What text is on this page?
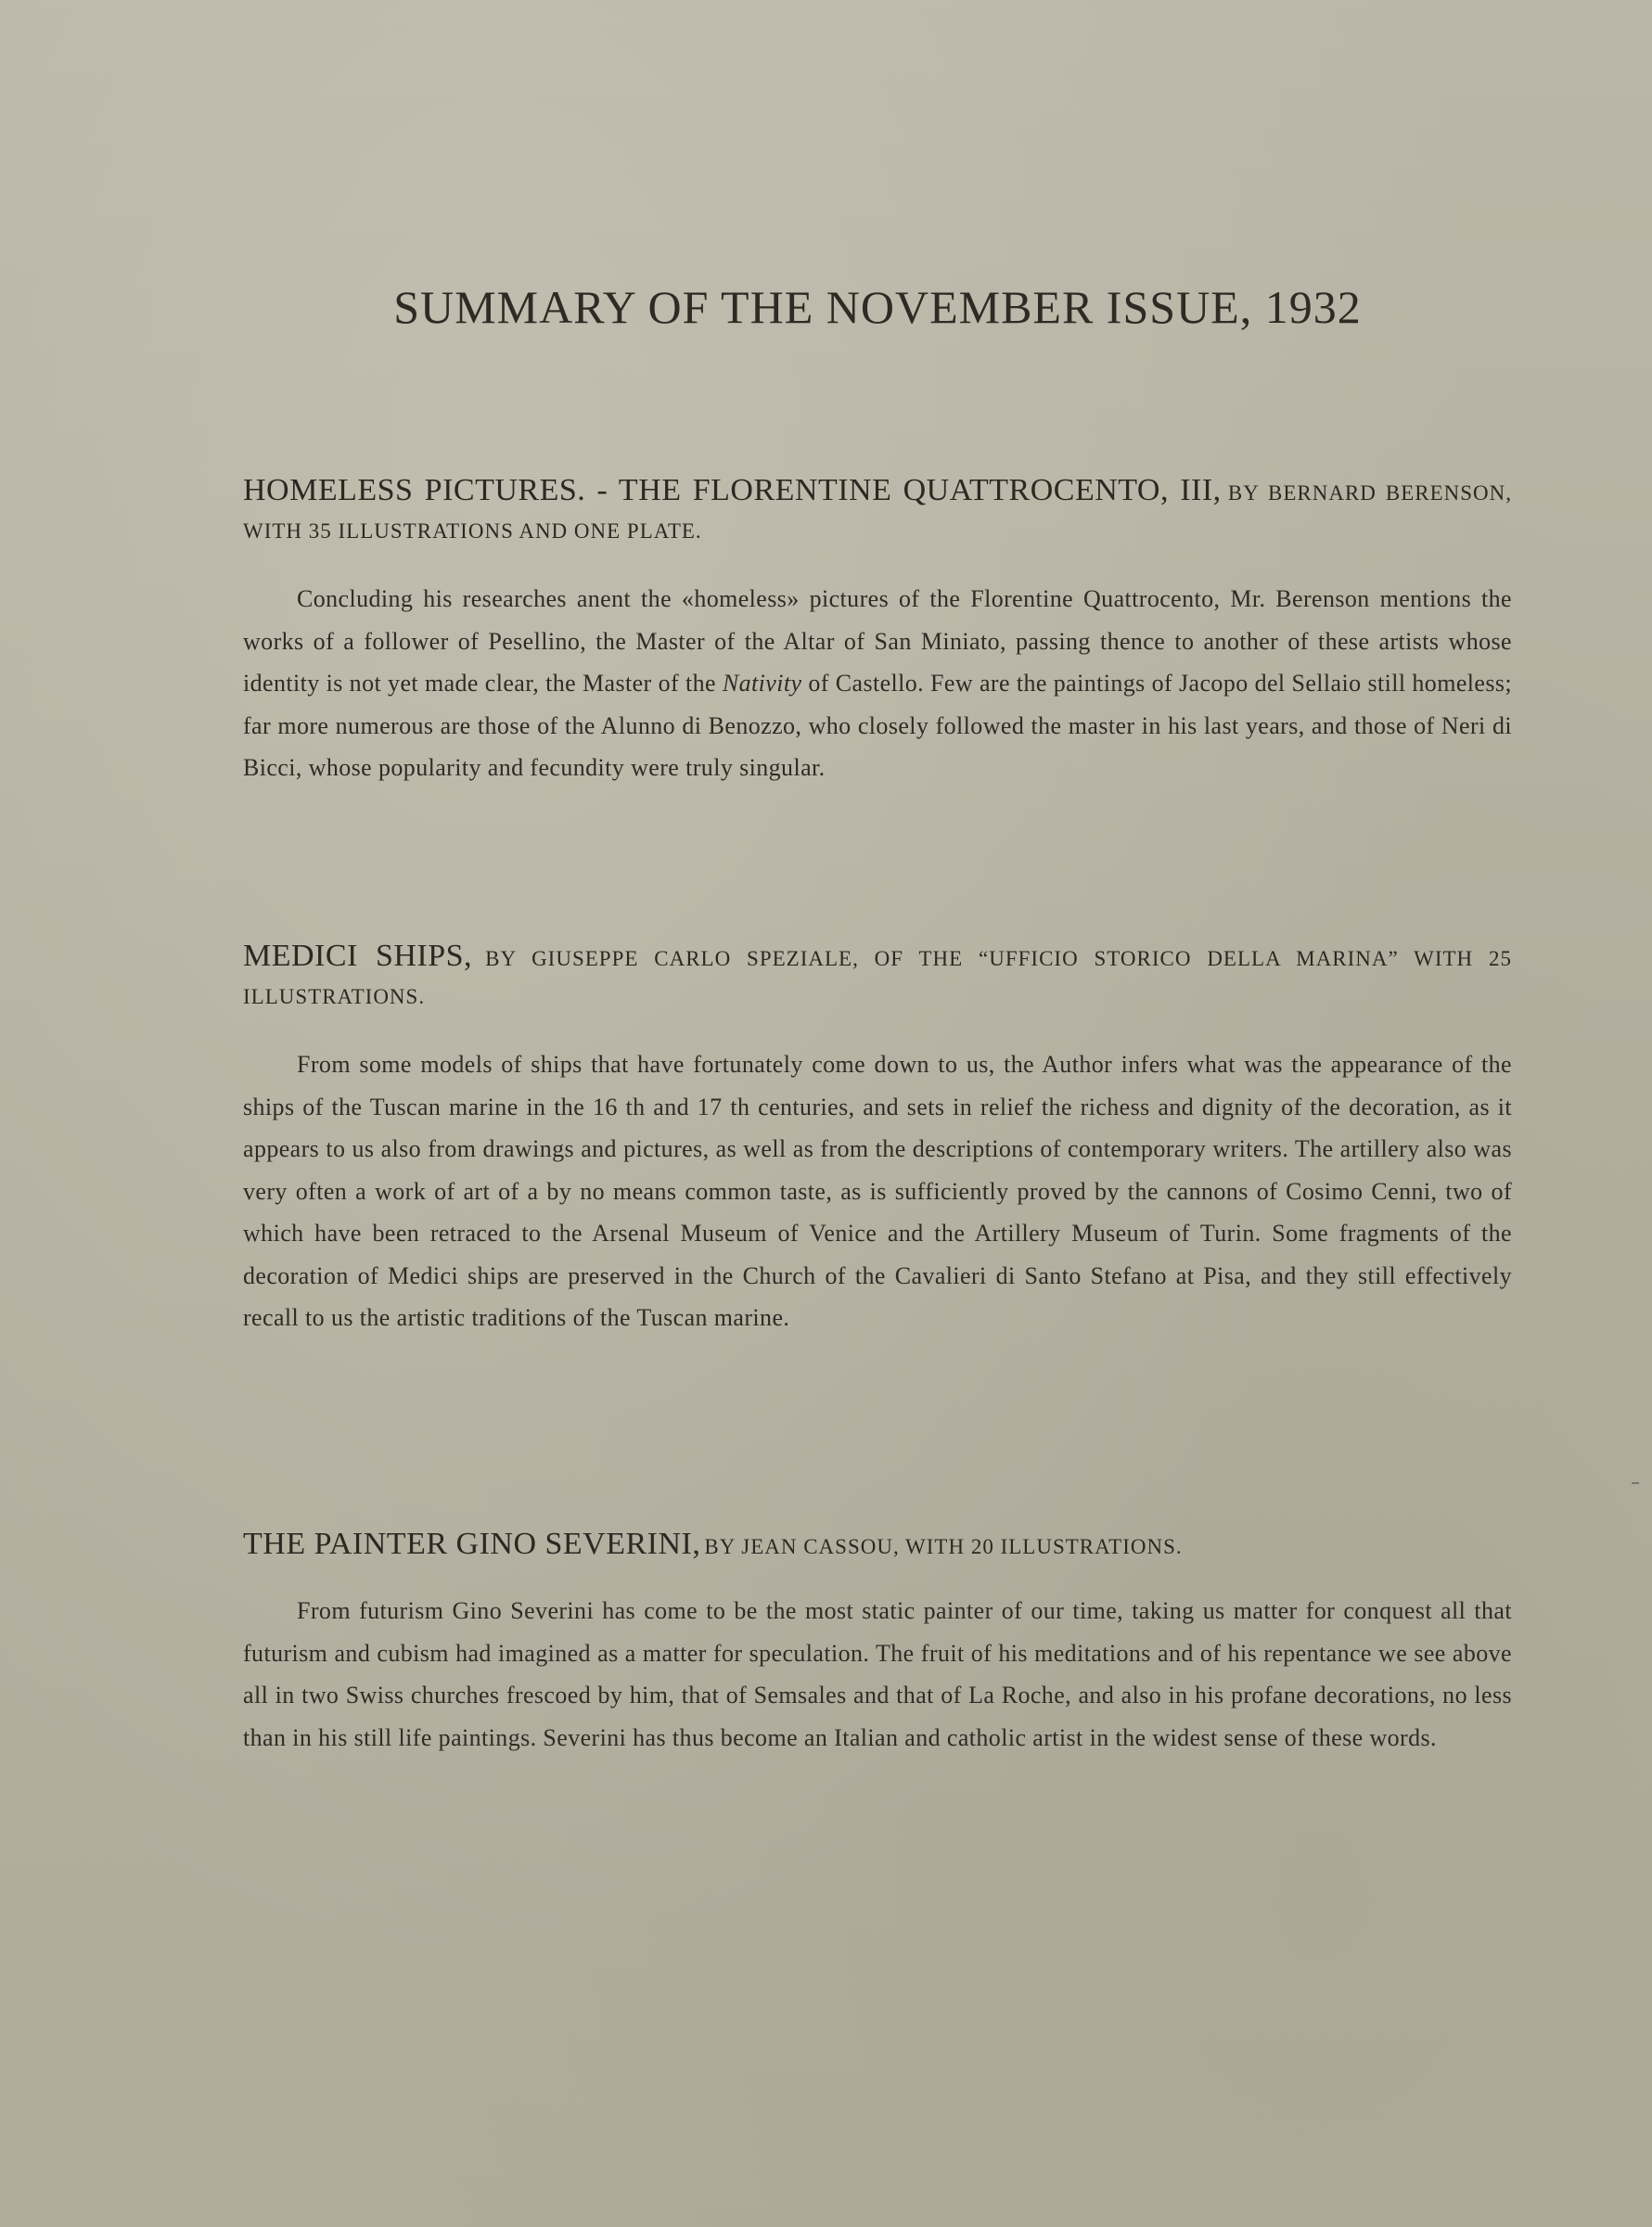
SUMMARY OF THE NOVEMBER ISSUE, 1932

HOMELESS PICTURES. - THE FLORENTINE QUATTROCENTO, III, BY BERNARD BERENSON, WITH 35 ILLUSTRATIONS AND ONE PLATE.

Concluding his researches anent the «homeless» pictures of the Florentine Quattrocento, Mr. Berenson mentions the works of a follower of Pesellino, the Master of the Altar of San Miniato, passing thence to another of these artists whose identity is not yet made clear, the Master of the Nativity of Castello. Few are the paintings of Jacopo del Sellaio still homeless; far more numerous are those of the Alunno di Benozzo, who closely followed the master in his last years, and those of Neri di Bicci, whose popularity and fecundity were truly singular.

MEDICI SHIPS, BY GIUSEPPE CARLO SPEZIALE, OF THE “UFFICIO STORICO DELLA MARINA” WITH 25 ILLUSTRATIONS.

From some models of ships that have fortunately come down to us, the Author infers what was the appearance of the ships of the Tuscan marine in the 16 th and 17 th centuries, and sets in relief the richess and dignity of the decoration, as it appears to us also from drawings and pictures, as well as from the descriptions of contemporary writers. The artillery also was very often a work of art of a by no means common taste, as is sufficiently proved by the cannons of Cosimo Cenni, two of which have been retraced to the Arsenal Museum of Venice and the Artillery Museum of Turin. Some fragments of the decoration of Medici ships are preserved in the Church of the Cavalieri di Santo Stefano at Pisa, and they still effectively recall to us the artistic traditions of the Tuscan marine.

THE PAINTER GINO SEVERINI, BY JEAN CASSOU, WITH 20 ILLUSTRATIONS.

From futurism Gino Severini has come to be the most static painter of our time, taking us matter for conquest all that futurism and cubism had imagined as a matter for speculation. The fruit of his meditations and of his repentance we see above all in two Swiss churches frescoed by him, that of Semsales and that of La Roche, and also in his profane decorations, no less than in his still life paintings. Severini has thus become an Italian and catholic artist in the widest sense of these words.
